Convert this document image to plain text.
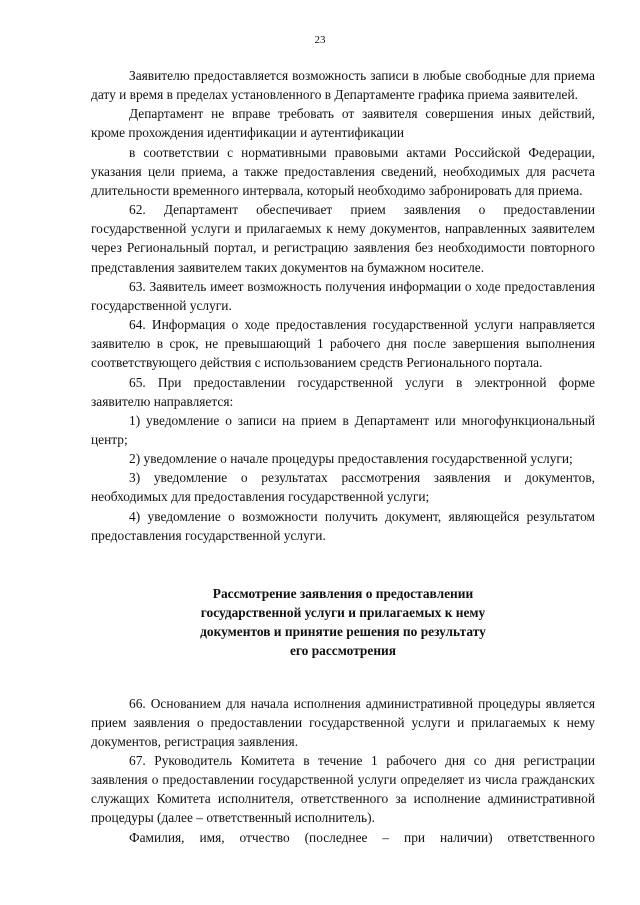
23

Заявителю предоставляется возможность записи в любые свободные для приема дату и время в пределах установленного в Департаменте графика приема заявителей.

Департамент не вправе требовать от заявителя совершения иных действий, кроме прохождения идентификации и аутентификации

в соответствии с нормативными правовыми актами Российской Федерации, указания цели приема, а также предоставления сведений, необходимых для расчета длительности временного интервала, который необходимо забронировать для приема.

62. Департамент обеспечивает прием заявления о предоставлении государственной услуги и прилагаемых к нему документов, направленных заявителем через Региональный портал, и регистрацию заявления без необходимости повторного представления заявителем таких документов на бумажном носителе.

63. Заявитель имеет возможность получения информации о ходе предоставления государственной услуги.

64. Информация о ходе предоставления государственной услуги направляется заявителю в срок, не превышающий 1 рабочего дня после завершения выполнения соответствующего действия с использованием средств Регионального портала.

65. При предоставлении государственной услуги в электронной форме заявителю направляется:

1) уведомление о записи на прием в Департамент или многофункциональный центр;

2) уведомление о начале процедуры предоставления государственной услуги;

3) уведомление о результатах рассмотрения заявления и документов, необходимых для предоставления государственной услуги;

4) уведомление о возможности получить документ, являющейся результатом предоставления государственной услуги.

Рассмотрение заявления о предоставлении
государственной услуги и прилагаемых к нему
документов и принятие решения по результату
его рассмотрения

66. Основанием для начала исполнения административной процедуры является прием заявления о предоставлении государственной услуги и прилагаемых к нему документов, регистрация заявления.

67. Руководитель Комитета в течение 1 рабочего дня со дня регистрации заявления о предоставлении государственной услуги определяет из числа гражданских служащих Комитета исполнителя, ответственного за исполнение административной процедуры (далее – ответственный исполнитель).

Фамилия, имя, отчество (последнее – при наличии) ответственного
